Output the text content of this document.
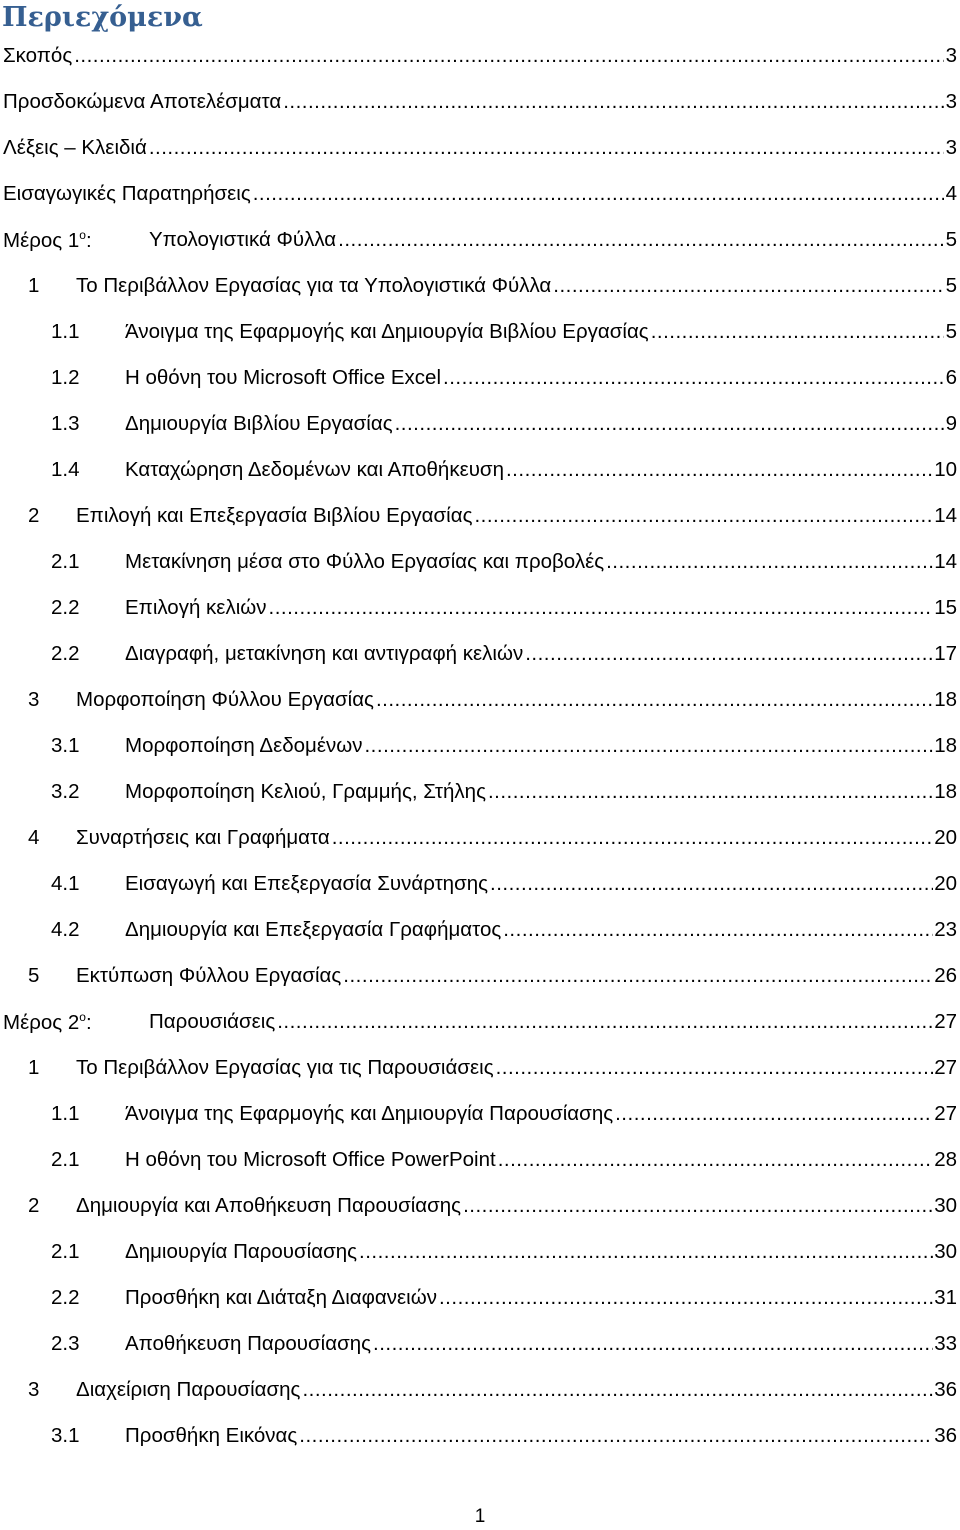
Περιεχόμενα
Σκοπός .....	3
Προσδοκώμενα Αποτελέσματα .....	3
Λέξεις – Κλειδιά .....	3
Εισαγωγικές Παρατηρήσεις .....	4
Μέρος $1^o$:	Υπολογιστικά Φύλλα .....	5
1	Το Περιβάλλον Εργασίας για τα Υπολογιστικά Φύλλα .....	5
1.1	Άνοιγμα της Εφαρμογής και Δημιουργία Βιβλίου Εργασίας .....	5
1.2	Η οθόνη του Microsoft Office Excel .....	6
1.3	Δημιουργία Βιβλίου Εργασίας .....	9
1.4	Καταχώρηση Δεδομένων και Αποθήκευση .....	10
2	Επιλογή και Επεξεργασία Βιβλίου Εργασίας .....	14
2.1	Μετακίνηση μέσα στο Φύλλο Εργασίας και προβολές .....	14
2.2	Επιλογή κελιών .....	15
2.2	Διαγραφή, μετακίνηση και αντιγραφή κελιών .....	17
3	Μορφοποίηση Φύλλου Εργασίας .....	18
3.1	Μορφοποίηση Δεδομένων .....	18
3.2	Μορφοποίηση Κελιού, Γραμμής, Στήλης .....	18
4	Συναρτήσεις και Γραφήματα .....	20
4.1	Εισαγωγή και Επεξεργασία Συνάρτησης .....	20
4.2	Δημιουργία και Επεξεργασία Γραφήματος .....	23
5	Εκτύπωση Φύλλου Εργασίας .....	26
Μέρος $2^o$:	Παρουσιάσεις .....	27
1	Το Περιβάλλον Εργασίας για τις Παρουσιάσεις .....	27
1.1	Άνοιγμα της Εφαρμογής και Δημιουργία Παρουσίασης .....	27
2.1	Η οθόνη του Microsoft Office PowerPoint .....	28
2	Δημιουργία και Αποθήκευση Παρουσίασης .....	30
2.1	Δημιουργία Παρουσίασης .....	30
2.2	Προσθήκη και Διάταξη Διαφανειών .....	31
2.3	Αποθήκευση Παρουσίασης .....	33
3	Διαχείριση Παρουσίασης .....	36
3.1	Προσθήκη Εικόνας .....	36
1
